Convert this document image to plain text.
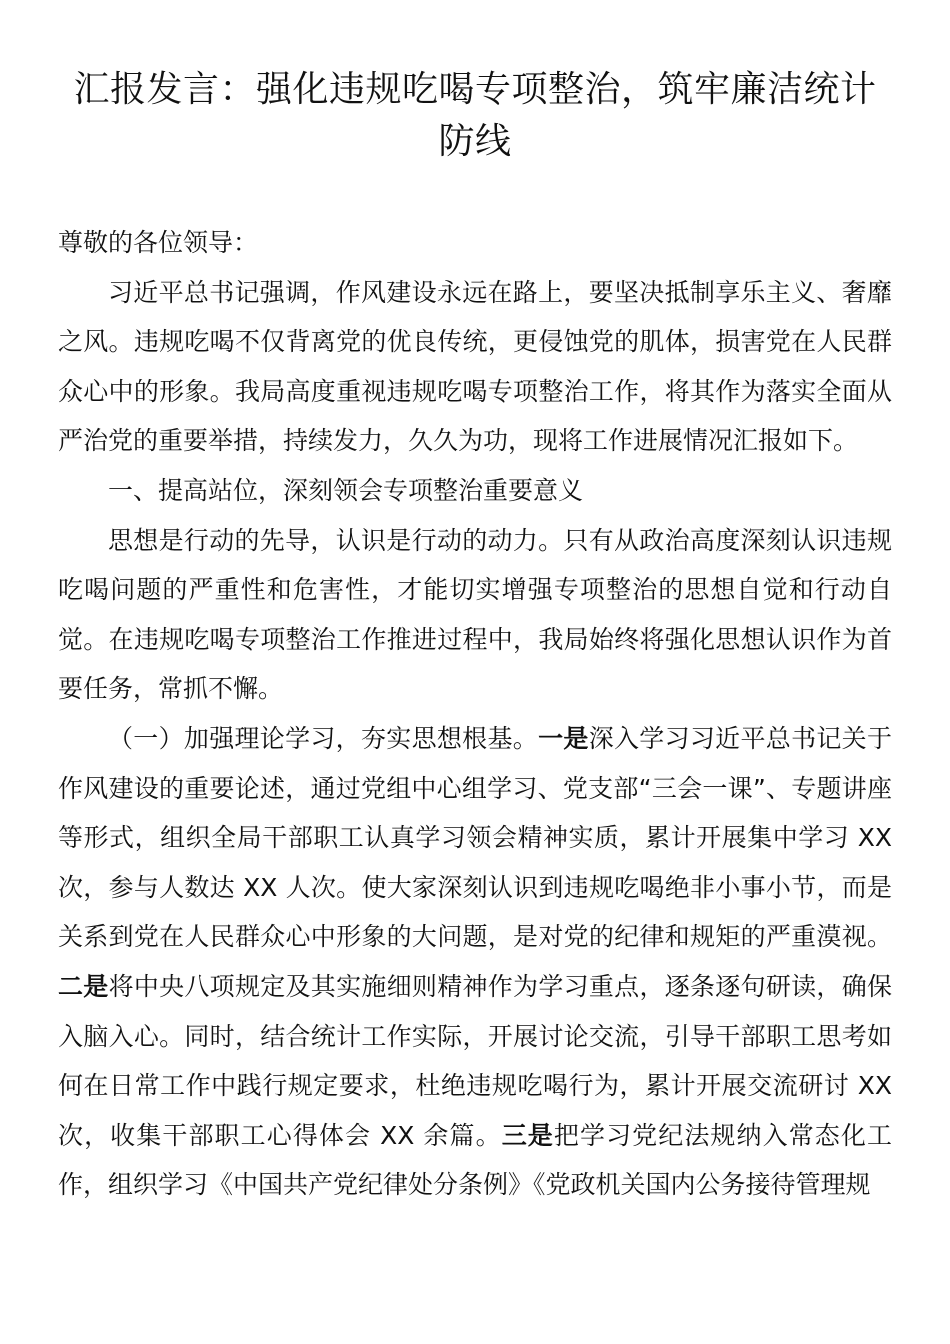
汇报发言：强化违规吃喝专项整治，筑牢廉洁统计防线

尊敬的各位领导：

习近平总书记强调，作风建设永远在路上，要坚决抵制享乐主义、奢靡之风。违规吃喝不仅背离党的优良传统，更侵蚀党的肌体，损害党在人民群众心中的形象。我局高度重视违规吃喝专项整治工作，将其作为落实全面从严治党的重要举措，持续发力，久久为功，现将工作进展情况汇报如下。

一、提高站位，深刻领会专项整治重要意义

思想是行动的先导，认识是行动的动力。只有从政治高度深刻认识违规吃喝问题的严重性和危害性，才能切实增强专项整治的思想自觉和行动自觉。在违规吃喝专项整治工作推进过程中，我局始终将强化思想认识作为首要任务，常抓不懈。

（一）加强理论学习，夯实思想根基。一是深入学习习近平总书记关于作风建设的重要论述，通过党组中心组学习、党支部“三会一课”、专题讲座等形式，组织全局干部职工认真学习领会精神实质，累计开展集中学习 XX 次，参与人数达 XX 人次。使大家深刻认识到违规吃喝绝非小事小节，而是关系到党在人民群众心中形象的大问题，是对党的纪律和规矩的严重漠视。二是将中央八项规定及其实施细则精神作为学习重点，逐条逐句研读，确保入脑入心。同时，结合统计工作实际，开展讨论交流，引导干部职工思考如何在日常工作中践行规定要求，杜绝违规吃喝行为，累计开展交流研讨 XX 次，收集干部职工心得体会 XX 余篇。三是把学习党纪法规纳入常态化工作，组织学习《中国共产党纪律处分条例》《党政机关国内公务接待管理规
